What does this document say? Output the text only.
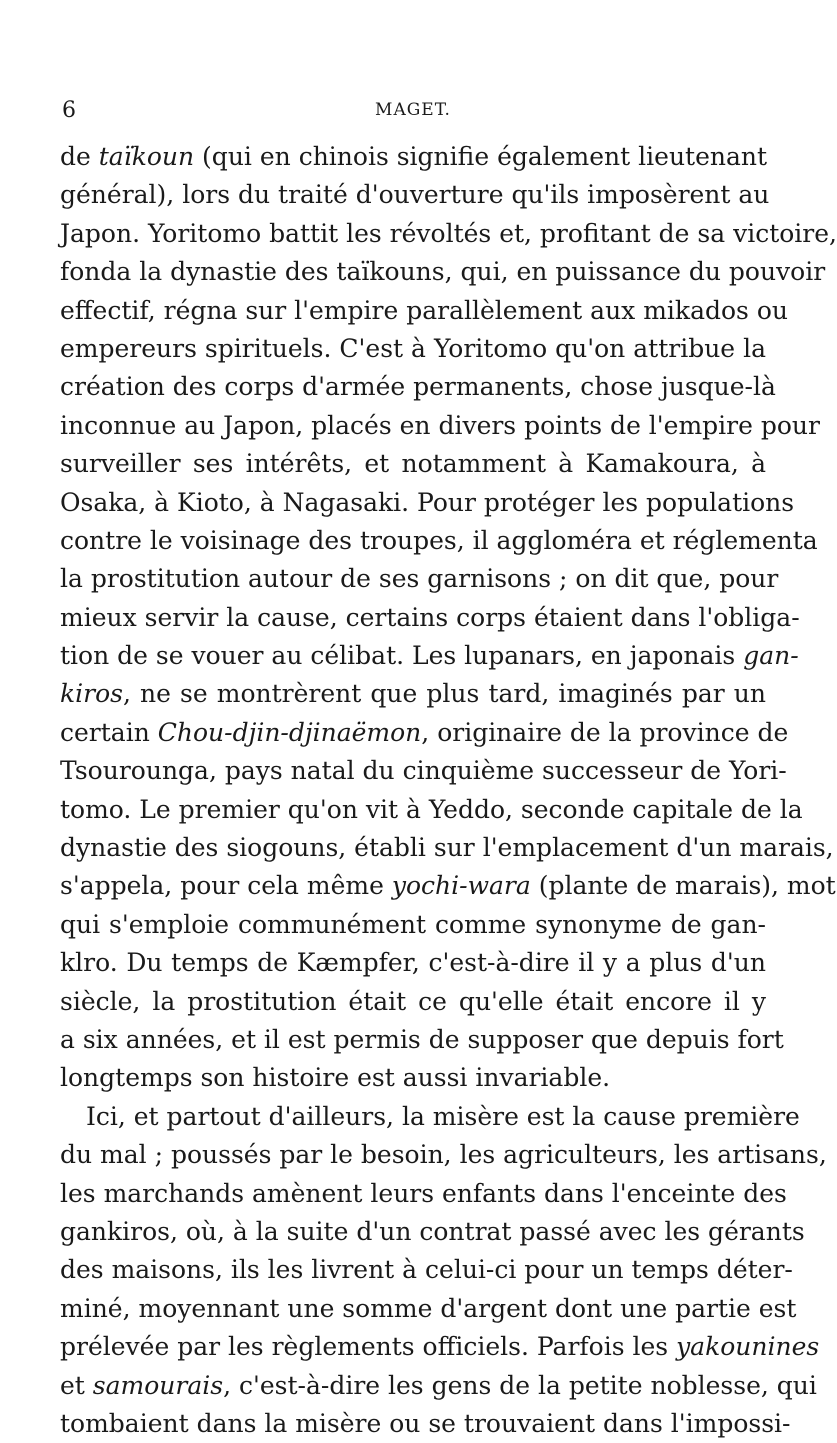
6	MAGET.
de taïkoun (qui en chinois signifie également lieutenant
général), lors du traité d'ouverture qu'ils imposèrent au
Japon. Yoritomo battit les révoltés et, profitant de sa victoire,
fonda la dynastie des taïkouns, qui, en puissance du pouvoir
effectif, régna sur l'empire parallèlement aux mikados ou
empereurs spirituels. C'est à Yoritomo qu'on attribue la
création des corps d'armée permanents, chose jusque-là
inconnue au Japon, placés en divers points de l'empire pour
surveiller ses intérêts, et notamment à Kamakoura, à
Osaka, à Kioto, à Nagasaki. Pour protéger les populations
contre le voisinage des troupes, il aggloméra et réglementa
la prostitution autour de ses garnisons ; on dit que, pour
mieux servir la cause, certains corps étaient dans l'obliga-
tion de se vouer au célibat. Les lupanars, en japonais gan-
kiros, ne se montrèrent que plus tard, imaginés par un
certain Chou-djin-djinaëmon, originaire de la province de
Tsourounga, pays natal du cinquième successeur de Yori-
tomo. Le premier qu'on vit à Yeddo, seconde capitale de la
dynastie des siogouns, établi sur l'emplacement d'un marais,
s'appela, pour cela même yochi-wara (plante de marais), mot
qui s'emploie communément comme synonyme de gan-
klro. Du temps de Kæmpfer, c'est-à-dire il y a plus d'un
siècle, la prostitution était ce qu'elle était encore il y
a six années, et il est permis de supposer que depuis fort
longtemps son histoire est aussi invariable.
Ici, et partout d'ailleurs, la misère est la cause première
du mal ; poussés par le besoin, les agriculteurs, les artisans,
les marchands amènent leurs enfants dans l'enceinte des
gankiros, où, à la suite d'un contrat passé avec les gérants
des maisons, ils les livrent à celui-ci pour un temps déter-
miné, moyennant une somme d'argent dont une partie est
prélevée par les règlements officiels. Parfois les yakounines
et samourais, c'est-à-dire les gens de la petite noblesse, qui
tombaient dans la misère ou se trouvaient dans l'impossi-
